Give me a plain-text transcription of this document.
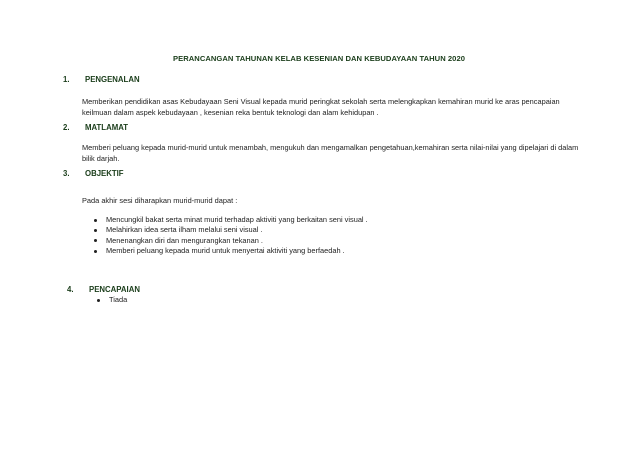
PERANCANGAN TAHUNAN KELAB KESENIAN DAN KEBUDAYAAN TAHUN 2020
1. PENGENALAN
Memberikan pendidikan asas Kebudayaan Seni Visual kepada murid peringkat sekolah serta melengkapkan kemahiran murid ke aras pencapaian keilmuan dalam aspek kebudayaan , kesenian reka bentuk teknologi dan alam kehidupan .
2. MATLAMAT
Memberi peluang kepada murid-murid untuk menambah, mengukuh dan mengamalkan pengetahuan,kemahiran serta nilai-nilai yang dipelajari di dalam bilik darjah.
3. OBJEKTIF
Pada akhir sesi diharapkan murid-murid dapat :
Mencungkil bakat serta minat murid terhadap aktiviti yang berkaitan seni visual .
Melahirkan idea serta ilham melalui seni visual .
Menenangkan diri dan mengurangkan tekanan .
Memberi peluang kepada murid untuk menyertai aktiviti yang berfaedah .
4. PENCAPAIAN
Tiada
